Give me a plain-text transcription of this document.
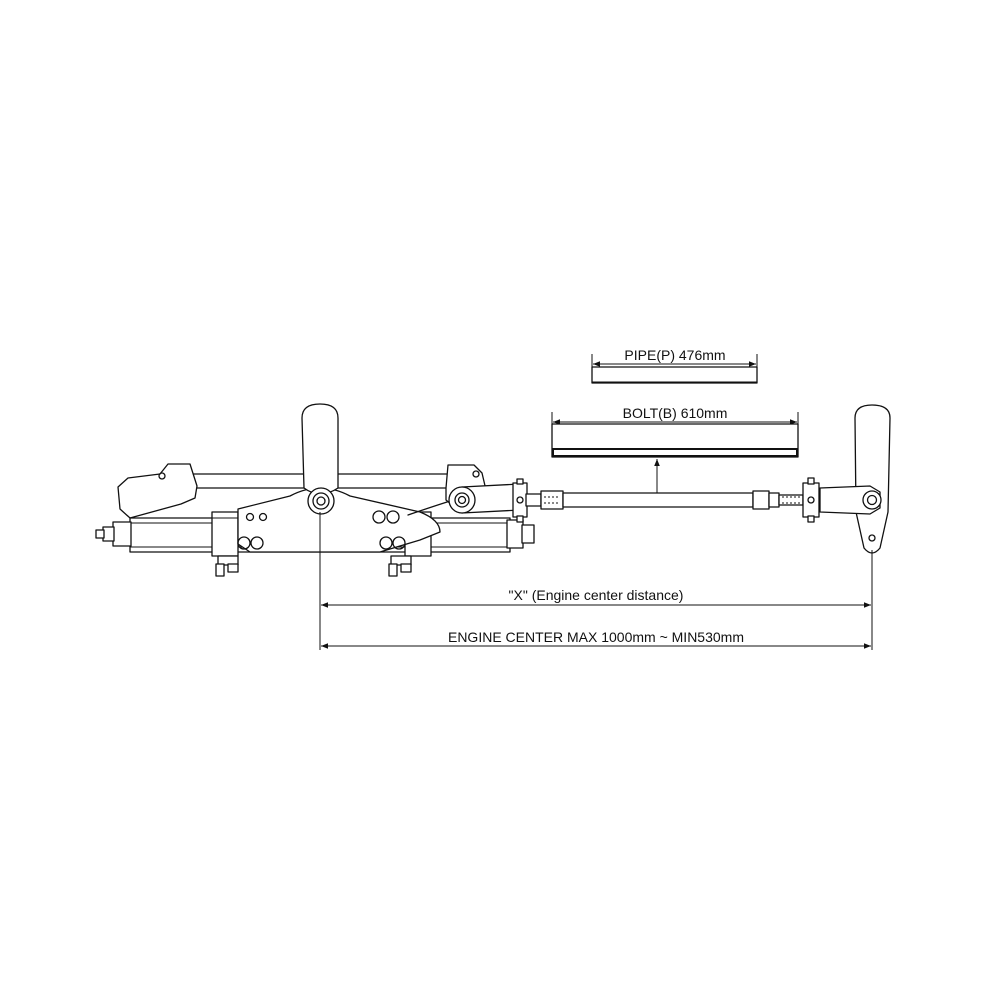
PIPE(P) 476mm
BOLT(B) 610mm
"X" (Engine center distance)
ENGINE CENTER MAX 1000mm ~ MIN530mm
